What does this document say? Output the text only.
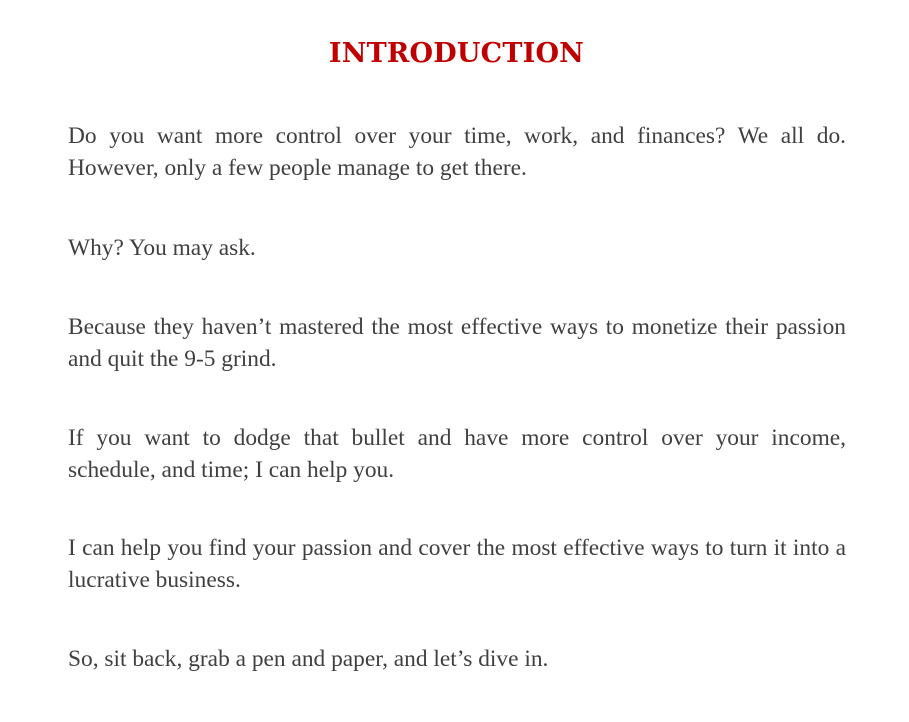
INTRODUCTION

Do you want more control over your time, work, and finances? We all do. However, only a few people manage to get there.

Why? You may ask.

Because they haven’t mastered the most effective ways to monetize their passion and quit the 9-5 grind.

If you want to dodge that bullet and have more control over your income, schedule, and time; I can help you.

I can help you find your passion and cover the most effective ways to turn it into a lucrative business.

So, sit back, grab a pen and paper, and let’s dive in.
